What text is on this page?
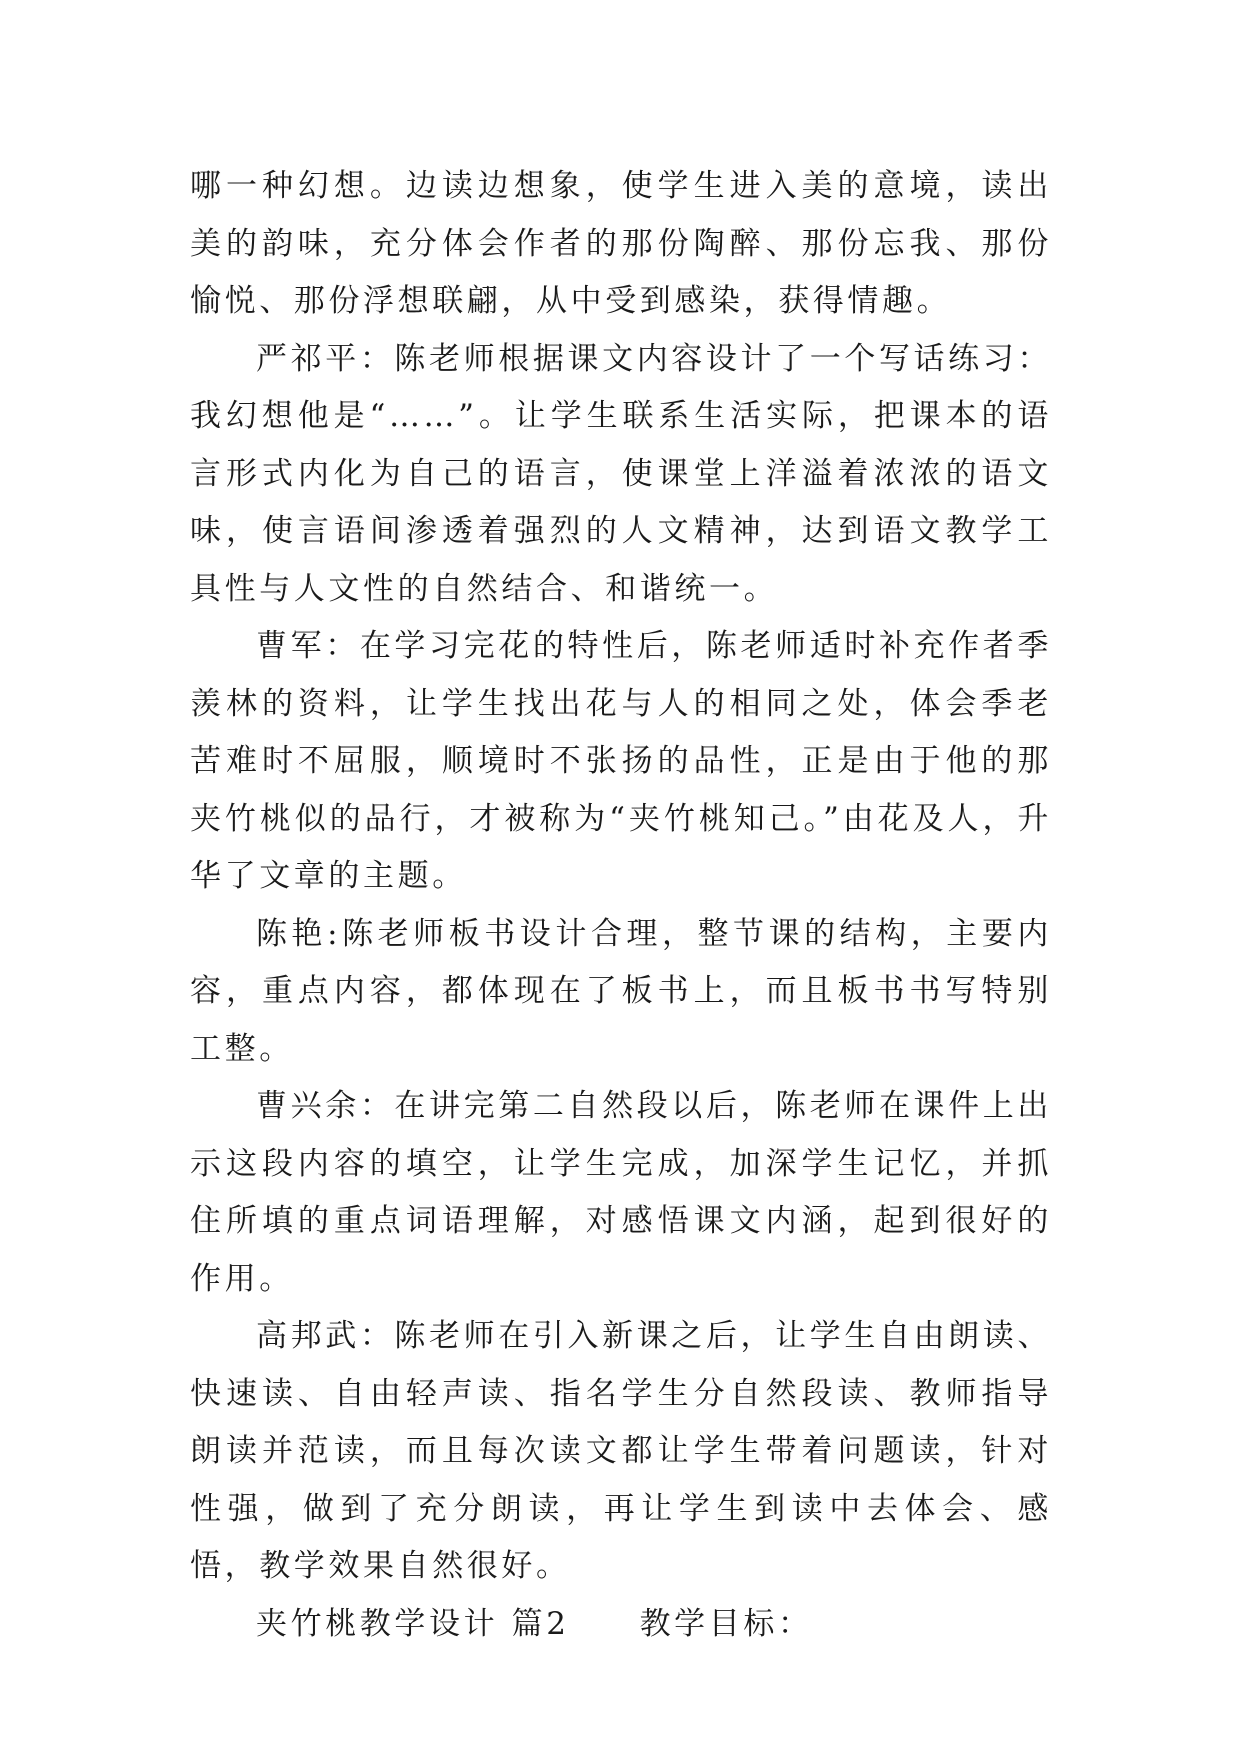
哪一种幻想。边读边想象，使学生进入美的意境，读出美的韵味，充分体会作者的那份陶醉、那份忘我、那份愉悦、那份浮想联翩，从中受到感染，获得情趣。

严祁平：陈老师根据课文内容设计了一个写话练习：我幻想他是“……”。让学生联系生活实际，把课本的语言形式内化为自己的语言，使课堂上洋溢着浓浓的语文味，使言语间渗透着强烈的人文精神，达到语文教学工具性与人文性的自然结合、和谐统一。

曹军：在学习完花的特性后，陈老师适时补充作者季羡林的资料，让学生找出花与人的相同之处，体会季老苦难时不屈服，顺境时不张扬的品性，正是由于他的那夹竹桃似的品行，才被称为“夹竹桃知己。”由花及人，升华了文章的主题。

陈艳:陈老师板书设计合理，整节课的结构，主要内容，重点内容，都体现在了板书上，而且板书书写特别工整。

曹兴余：在讲完第二自然段以后，陈老师在课件上出示这段内容的填空，让学生完成，加深学生记忆，并抓住所填的重点词语理解，对感悟课文内涵，起到很好的作用。

高邦武：陈老师在引入新课之后，让学生自由朗读、快速读、自由轻声读、指名学生分自然段读、教师指导朗读并范读，而且每次读文都让学生带着问题读，针对性强，做到了充分朗读，再让学生到读中去体会、感悟，教学效果自然很好。

夹竹桃教学设计 篇2 教学目标：
